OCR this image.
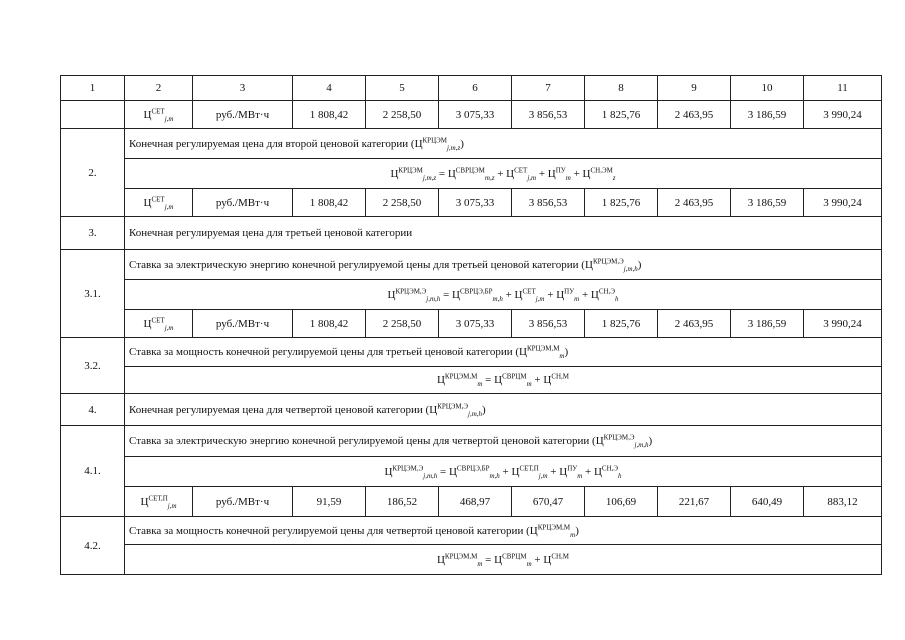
1	2	3	4	5	6	7	8	9	10	11
	$Ц^{СЕТ}_{j,m}$	руб./МВт·ч	1 808,42	2 258,50	3 075,33	3 856,53	1 825,76	2 463,95	3 186,59	3 990,24
2.	Конечная регулируемая цена для второй ценовой категории $(Ц^{КРЦЭМ}_{j,m,z})$									
	$Ц^{КРЦЭМ}_{j,m,z} = Ц^{СВРЦЭМ}_{m,z} + Ц^{СЕТ}_{j,m} + Ц^{ПУ}_m + Ц^{СН,ЭМ}_z$
	$Ц^{СЕТ}_{j,m}$	руб./МВт·ч	1 808,42	2 258,50	3 075,33	3 856,53	1 825,76	2 463,95	3 186,59	3 990,24
3.	Конечная регулируемая цена для третьей ценовой категории									
3.1.	Ставка за электрическую энергию конечной регулируемой цены для третьей ценовой категории $(Ц^{КРЦЭМ,Э}_{j,m,h})$									
	$Ц^{КРЦЭМ,Э}_{j,m,h} = Ц^{СВРЦЭ,БР}_{m,h} + Ц^{СЕТ}_{j,m} + Ц^{ПУ}_m + Ц^{СН,Э}_h$
	$Ц^{СЕТ}_{j,m}$	руб./МВт·ч	1 808,42	2 258,50	3 075,33	3 856,53	1 825,76	2 463,95	3 186,59	3 990,24
3.2.	Ставка за мощность конечной регулируемой цены для третьей ценовой категории $(Ц^{КРЦЭМ,М}_m)$									
	$Ц^{КРЦЭМ,М}_m = Ц^{СВРЦМ}_m + Ц^{СН,М}$
4.	Конечная регулируемая цена для четвертой ценовой категории $(Ц^{КРЦЭМ,Э}_{j,m,h})$									
4.1.	Ставка за электрическую энергию конечной регулируемой цены для четвертой ценовой категории $(Ц^{КРЦЭМ,Э}_{j,m,h})$									
	$Ц^{КРЦЭМ,Э}_{j,m,h} = Ц^{СВРЦЭ,БР}_{m,h} + Ц^{СЕТ,П}_{j,m} + Ц^{ПУ}_m + Ц^{СН,Э}_h$
	$Ц^{СЕТ,П}_{j,m}$	руб./МВт·ч	91,59	186,52	468,97	670,47	106,69	221,67	640,49	883,12
4.2.	Ставка за мощность конечной регулируемой цены для четвертой ценовой категории $(Ц^{КРЦЭМ,М}_m)$									
	$Ц^{КРЦЭМ,М}_m = Ц^{СВРЦМ}_m + Ц^{СН,М}$
